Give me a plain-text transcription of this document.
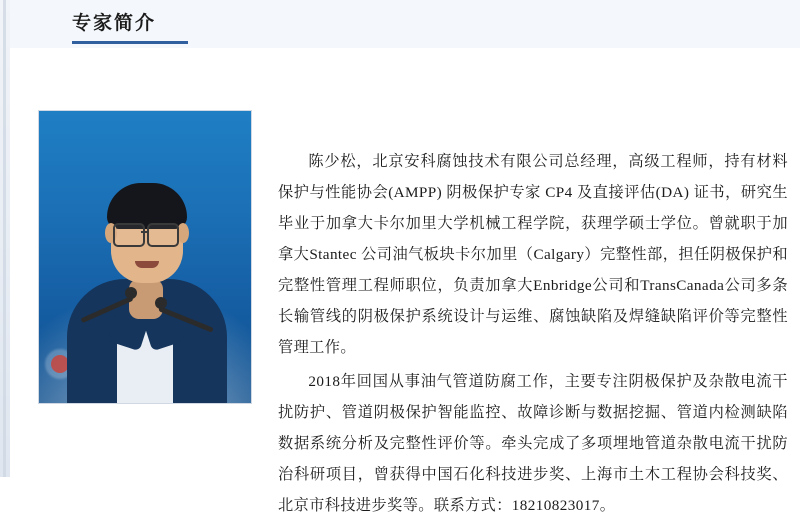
专家简介

陈少松，北京安科腐蚀技术有限公司总经理，高级工程师，持有材料保护与性能协会(AMPP) 阴极保护专家 CP4 及直接评估(DA) 证书，研究生毕业于加拿大卡尔加里大学机械工程学院，获理学硕士学位。曾就职于加拿大Stantec 公司油气板块卡尔加里（Calgary）完整性部，担任阴极保护和完整性管理工程师职位，负责加拿大Enbridge公司和TransCanada公司多条长输管线的阴极保护系统设计与运维、腐蚀缺陷及焊缝缺陷评价等完整性管理工作。

2018年回国从事油气管道防腐工作，主要专注阴极保护及杂散电流干扰防护、管道阴极保护智能监控、故障诊断与数据挖掘、管道内检测缺陷数据系统分析及完整性评价等。牵头完成了多项埋地管道杂散电流干扰防治科研项目，曾获得中国石化科技进步奖、上海市土木工程协会科技奖、北京市科技进步奖等。联系方式：18210823017。
